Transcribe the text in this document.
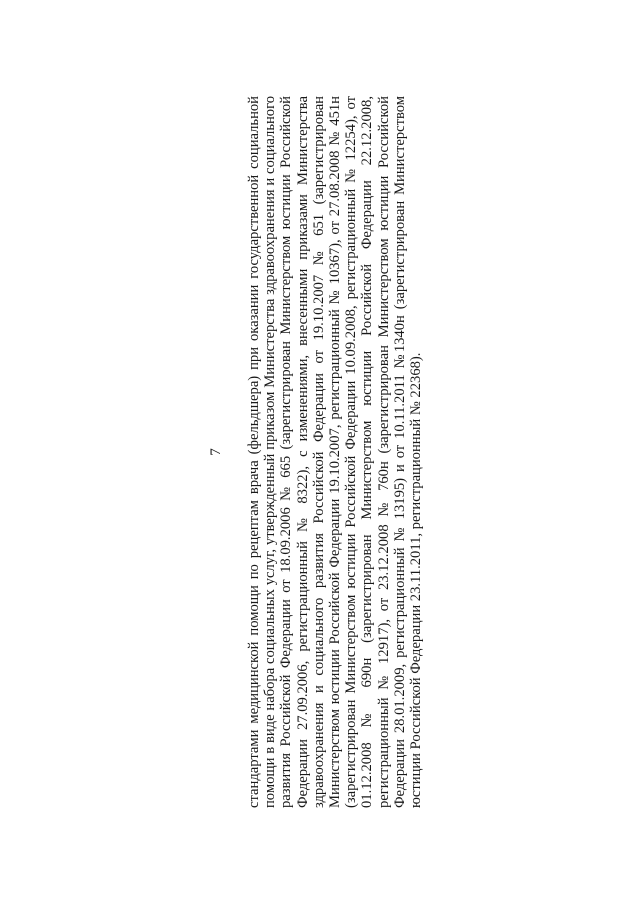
7 стандартами медицинской помощи по рецептам врача (фельдшера) при оказании государственной социальной помощи в виде набора социальных услуг, утвержденный приказом Министерства здравоохранения и социального развития Российской Федерации от 18.09.2006 № 665 (зарегистрирован Министерством юстиции Российской Федерации 27.09.2006, регистрационный № 8322), с изменениями, внесенными приказами Министерства здравоохранения и социального развития Российской Федерации от 19.10.2007 № 651 (зарегистрирован Министерством юстиции Российской Федерации 19.10.2007, регистрационный № 10367), от 27.08.2008 № 451н (зарегистрирован Министерством юстиции Российской Федерации 10.09.2008, регистрационный № 12254), от 01.12.2008 № 690н (зарегистрирован Министерством юстиции Российской Федерации 22.12.2008, регистрационный № 12917), от 23.12.2008 № 760н (зарегистрирован Министерством юстиции Российской Федерации 28.01.2009, регистрационный № 13195) и от 10.11.2011 №1340н (зарегистрирован Министерством юстиции Российской Федерации 23.11.2011, регистрационный № 22368).
